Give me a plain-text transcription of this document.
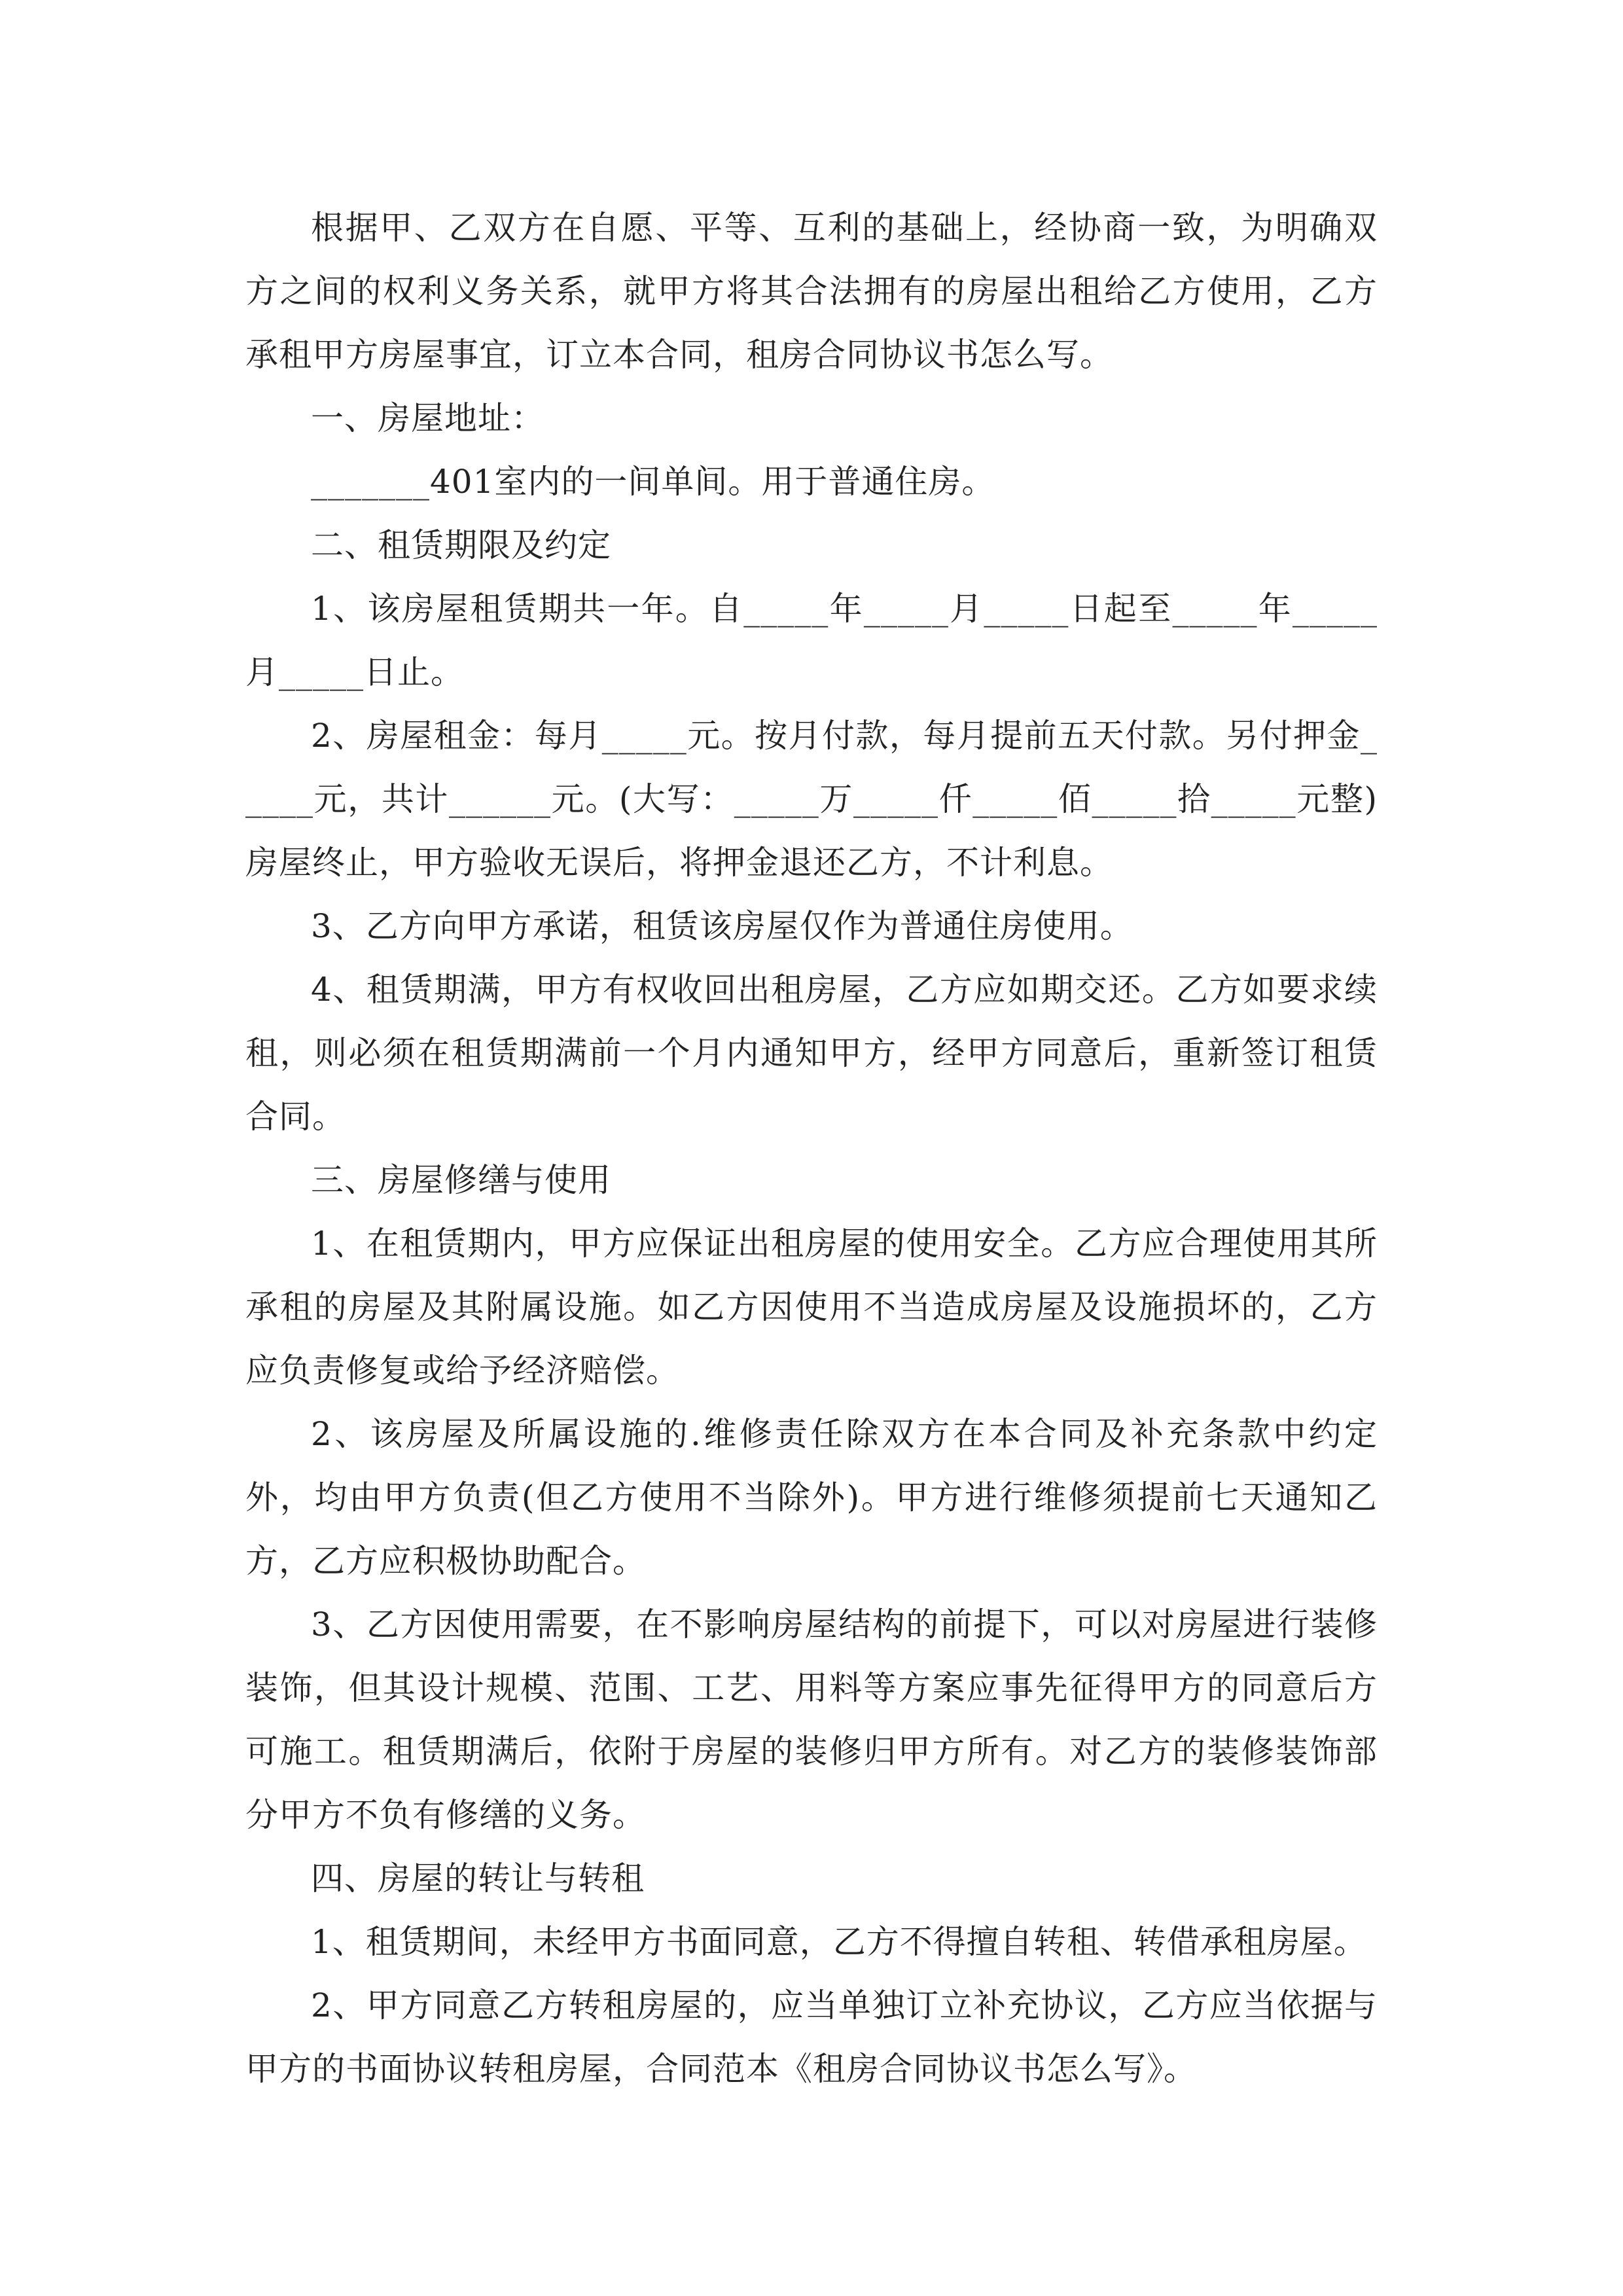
根据甲、乙双方在自愿、平等、互利的基础上，经协商一致，为明确双方之间的权利义务关系，就甲方将其合法拥有的房屋出租给乙方使用，乙方承租甲方房屋事宜，订立本合同，租房合同协议书怎么写。

一、房屋地址：

_______401室内的一间单间。用于普通住房。

二、租赁期限及约定

1、该房屋租赁期共一年。自_____年_____月_____日起至_____年_____月_____日止。

2、房屋租金：每月_____元。按月付款，每月提前五天付款。另付押金_____元，共计______元。(大写：_____万_____仟_____佰_____拾_____元整)房屋终止，甲方验收无误后，将押金退还乙方，不计利息。

3、乙方向甲方承诺，租赁该房屋仅作为普通住房使用。

4、租赁期满，甲方有权收回出租房屋，乙方应如期交还。乙方如要求续租，则必须在租赁期满前一个月内通知甲方，经甲方同意后，重新签订租赁合同。

三、房屋修缮与使用

1、在租赁期内，甲方应保证出租房屋的使用安全。乙方应合理使用其所承租的房屋及其附属设施。如乙方因使用不当造成房屋及设施损坏的，乙方应负责修复或给予经济赔偿。

2、该房屋及所属设施的.维修责任除双方在本合同及补充条款中约定外，均由甲方负责(但乙方使用不当除外)。甲方进行维修须提前七天通知乙方，乙方应积极协助配合。

3、乙方因使用需要，在不影响房屋结构的前提下，可以对房屋进行装修装饰，但其设计规模、范围、工艺、用料等方案应事先征得甲方的同意后方可施工。租赁期满后，依附于房屋的装修归甲方所有。对乙方的装修装饰部分甲方不负有修缮的义务。

四、房屋的转让与转租

1、租赁期间，未经甲方书面同意，乙方不得擅自转租、转借承租房屋。

2、甲方同意乙方转租房屋的，应当单独订立补充协议，乙方应当依据与甲方的书面协议转租房屋，合同范本《租房合同协议书怎么写》。
